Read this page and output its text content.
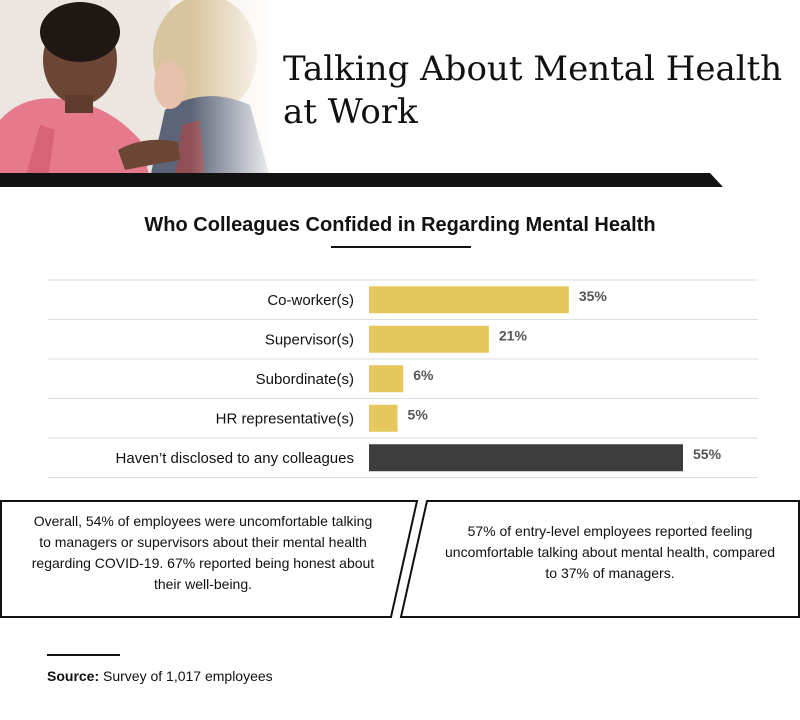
Talking About Mental Health
at Work
Who Colleagues Confided in Regarding Mental Health
Co-worker(s)	35%
Supervisor(s)	21%
Subordinate(s)	6%
HR representative(s)	5%
Haven’t disclosed to any colleagues	55%

Overall, 54% of employees were uncomfortable talking to managers or supervisors about their mental health regarding COVID-19. 67% reported being honest about their well-being.

57% of entry-level employees reported feeling uncomfortable talking about mental health, compared to 37% of managers.

Source: Survey of 1,017 employees
